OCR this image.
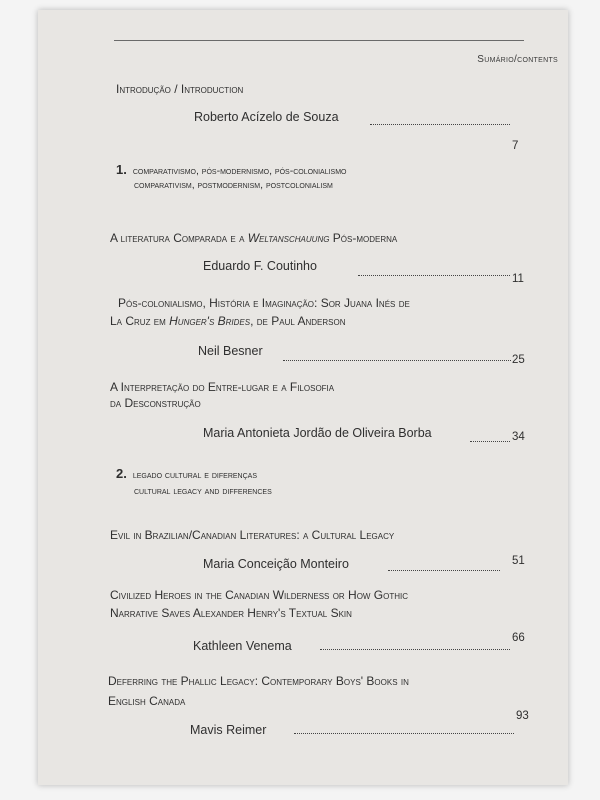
Sumário/contents
Introdução / Introduction
Roberto Acízelo de Souza
7
1. comparativismo, pós-modernismo, pós-colonialismo
comparativism, postmodernism, postcolonialism
A literatura Comparada e a Weltanschauung Pós-moderna
Eduardo F. Coutinho
11
Pós-colonialismo, História e Imaginação: Sor Juana Inés de
La Cruz em Hunger's Brides, de Paul Anderson
Neil Besner
25
A Interpretação do Entre-lugar e a Filosofia
da Desconstrução
Maria Antonieta Jordão de Oliveira Borba	34
2. legado cultural e diferenças
cultural legacy and differences
Evil in Brazilian/Canadian Literatures: a Cultural Legacy
Maria Conceição Monteiro	51
Civilized Heroes in the Canadian Wilderness or How Gothic
Narrative Saves Alexander Henry's Textual Skin
Kathleen Venema
66
Deferring the Phallic Legacy: Contemporary Boys' Books in
English Canada
Mavis Reimer
93
